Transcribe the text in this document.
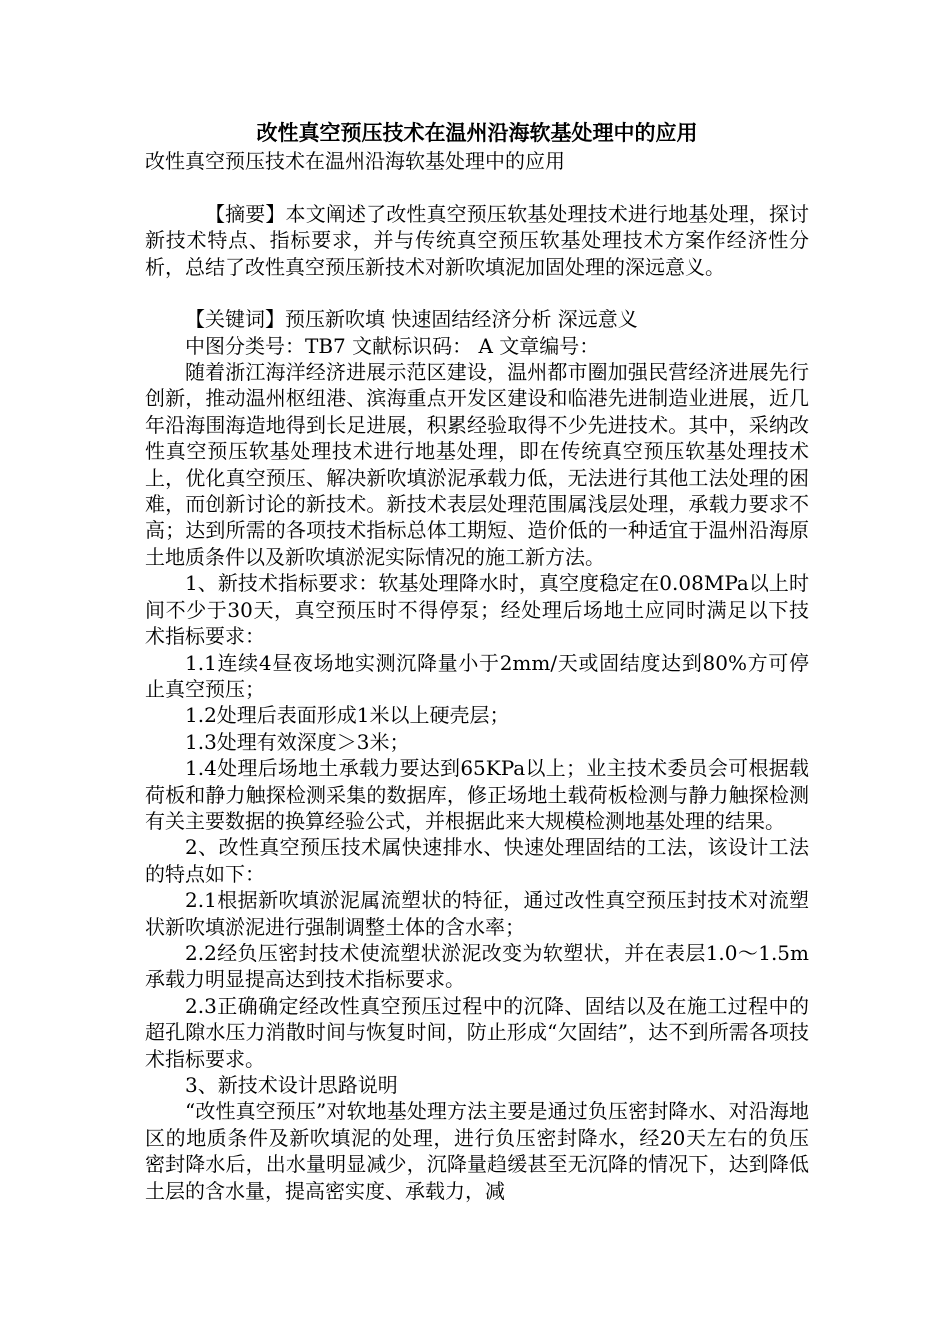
改性真空预压技术在温州沿海软基处理中的应用

改性真空预压技术在温州沿海软基处理中的应用

【摘要】本文阐述了改性真空预压软基处理技术进行地基处理，探讨新技术特点、指标要求，并与传统真空预压软基处理技术方案作经济性分析，总结了改性真空预压新技术对新吹填泥加固处理的深远意义。

【关键词】预压新吹填 快速固结经济分析 深远意义

中图分类号：TB7 文献标识码： A 文章编号：

随着浙江海洋经济进展示范区建设，温州都市圈加强民营经济进展先行创新，推动温州枢纽港、滨海重点开发区建设和临港先进制造业进展，近几年沿海围海造地得到长足进展，积累经验取得不少先进技术。其中，采纳改性真空预压软基处理技术进行地基处理，即在传统真空预压软基处理技术上，优化真空预压、解决新吹填淤泥承载力低，无法进行其他工法处理的困难，而创新讨论的新技术。新技术表层处理范围属浅层处理，承载力要求不高；达到所需的各项技术指标总体工期短、造价低的一种适宜于温州沿海原土地质条件以及新吹填淤泥实际情况的施工新方法。

1、新技术指标要求：软基处理降水时，真空度稳定在0.08MPa以上时间不少于30天，真空预压时不得停泵；经处理后场地土应同时满足以下技术指标要求：

1.1连续4昼夜场地实测沉降量小于2mm/天或固结度达到80%方可停止真空预压；

1.2处理后表面形成1米以上硬壳层；

1.3处理有效深度＞3米；

1.4处理后场地土承载力要达到65KPa以上；业主技术委员会可根据载荷板和静力触探检测采集的数据库，修正场地土载荷板检测与静力触探检测有关主要数据的换算经验公式，并根据此来大规模检测地基处理的结果。

2、改性真空预压技术属快速排水、快速处理固结的工法，该设计工法的特点如下：

2.1根据新吹填淤泥属流塑状的特征，通过改性真空预压封技术对流塑状新吹填淤泥进行强制调整土体的含水率；

2.2经负压密封技术使流塑状淤泥改变为软塑状，并在表层1.0～1.5m承载力明显提高达到技术指标要求。

2.3正确确定经改性真空预压过程中的沉降、固结以及在施工过程中的超孔隙水压力消散时间与恢复时间，防止形成“欠固结”，达不到所需各项技术指标要求。

3、新技术设计思路说明

“改性真空预压”对软地基处理方法主要是通过负压密封降水、对沿海地区的地质条件及新吹填泥的处理，进行负压密封降水，经20天左右的负压密封降水后，出水量明显减少，沉降量趋缓甚至无沉降的情况下，达到降低土层的含水量，提高密实度、承载力，减
